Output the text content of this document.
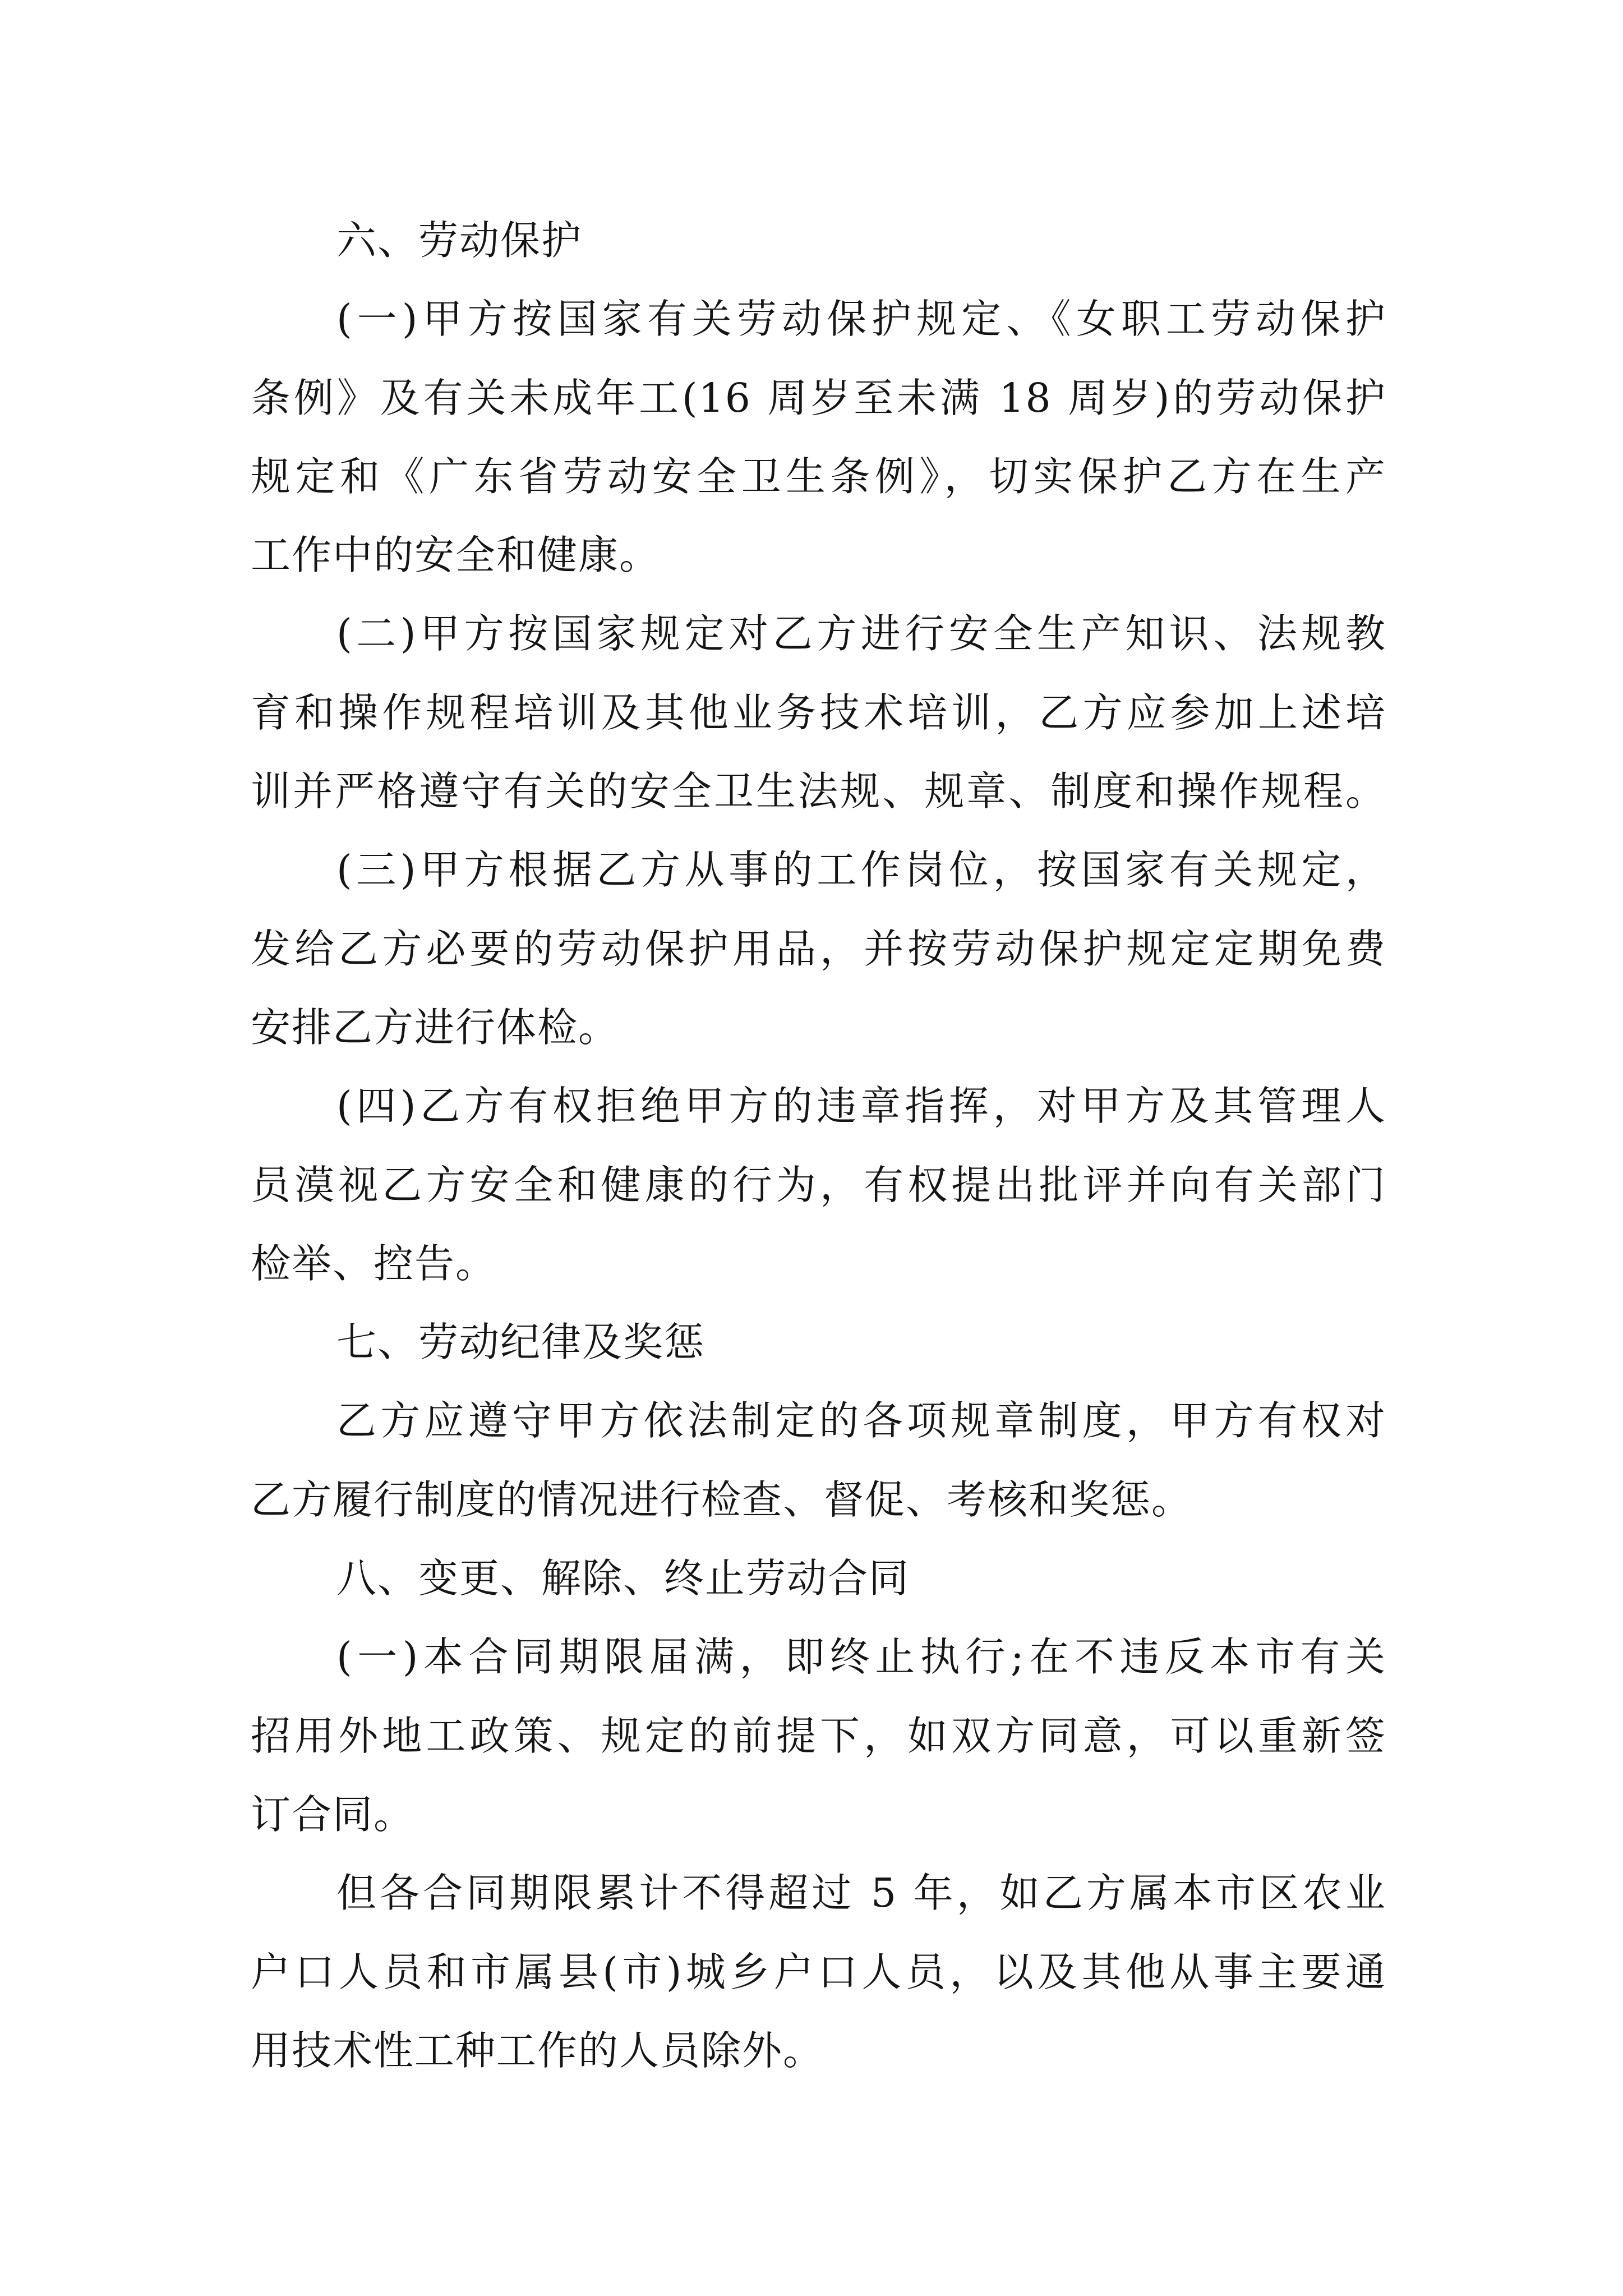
六、劳动保护
(一)甲方按国家有关劳动保护规定、《女职工劳动保护
条例》及有关未成年工(16 周岁至未满 18 周岁)的劳动保护
规定和《广东省劳动安全卫生条例》，切实保护乙方在生产
工作中的安全和健康。
(二)甲方按国家规定对乙方进行安全生产知识、法规教
育和操作规程培训及其他业务技术培训，乙方应参加上述培
训并严格遵守有关的安全卫生法规、规章、制度和操作规程。
(三)甲方根据乙方从事的工作岗位，按国家有关规定，
发给乙方必要的劳动保护用品，并按劳动保护规定定期免费
安排乙方进行体检。
(四)乙方有权拒绝甲方的违章指挥，对甲方及其管理人
员漠视乙方安全和健康的行为，有权提出批评并向有关部门
检举、控告。
七、劳动纪律及奖惩
乙方应遵守甲方依法制定的各项规章制度，甲方有权对
乙方履行制度的情况进行检查、督促、考核和奖惩。
八、变更、解除、终止劳动合同
(一)本合同期限届满，即终止执行;在不违反本市有关
招用外地工政策、规定的前提下，如双方同意，可以重新签
订合同。
但各合同期限累计不得超过 5 年，如乙方属本市区农业
户口人员和市属县(市)城乡户口人员，以及其他从事主要通
用技术性工种工作的人员除外。
